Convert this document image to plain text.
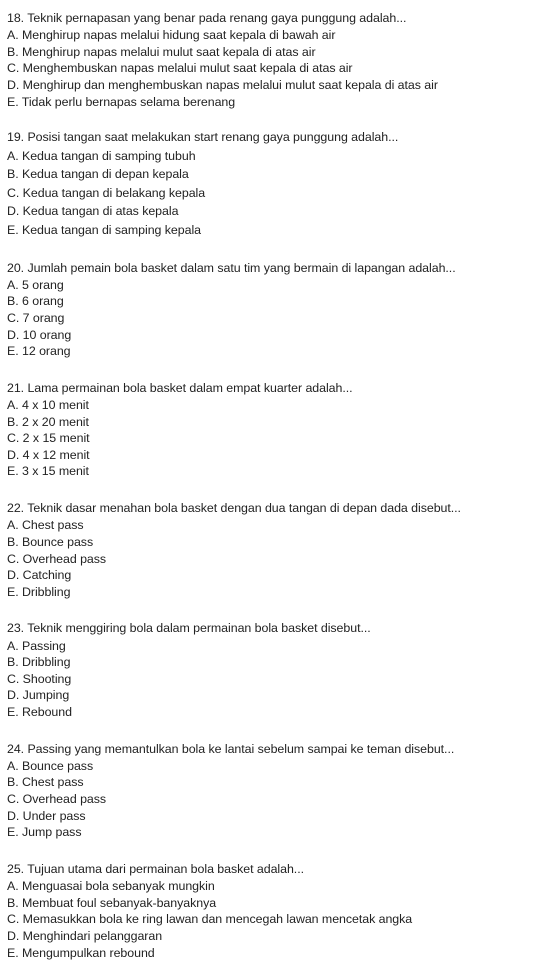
18. Teknik pernapasan yang benar pada renang gaya punggung adalah...
A. Menghirup napas melalui hidung saat kepala di bawah air
B. Menghirup napas melalui mulut saat kepala di atas air
C. Menghembuskan napas melalui mulut saat kepala di atas air
D. Menghirup dan menghembuskan napas melalui mulut saat kepala di atas air
E. Tidak perlu bernapas selama berenang
19. Posisi tangan saat melakukan start renang gaya punggung adalah...
A. Kedua tangan di samping tubuh
B. Kedua tangan di depan kepala
C. Kedua tangan di belakang kepala
D. Kedua tangan di atas kepala
E. Kedua tangan di samping kepala
20. Jumlah pemain bola basket dalam satu tim yang bermain di lapangan adalah...
A. 5 orang
B. 6 orang
C. 7 orang
D. 10 orang
E. 12 orang
21. Lama permainan bola basket dalam empat kuarter adalah...
A. 4 x 10 menit
B. 2 x 20 menit
C. 2 x 15 menit
D. 4 x 12 menit
E. 3 x 15 menit
22. Teknik dasar menahan bola basket dengan dua tangan di depan dada disebut...
A. Chest pass
B. Bounce pass
C. Overhead pass
D. Catching
E. Dribbling
23. Teknik menggiring bola dalam permainan bola basket disebut...
A. Passing
B. Dribbling
C. Shooting
D. Jumping
E. Rebound
24. Passing yang memantulkan bola ke lantai sebelum sampai ke teman disebut...
A. Bounce pass
B. Chest pass
C. Overhead pass
D. Under pass
E. Jump pass
25. Tujuan utama dari permainan bola basket adalah...
A. Menguasai bola sebanyak mungkin
B. Membuat foul sebanyak-banyaknya
C. Memasukkan bola ke ring lawan dan mencegah lawan mencetak angka
D. Menghindari pelanggaran
E. Mengumpulkan rebound
